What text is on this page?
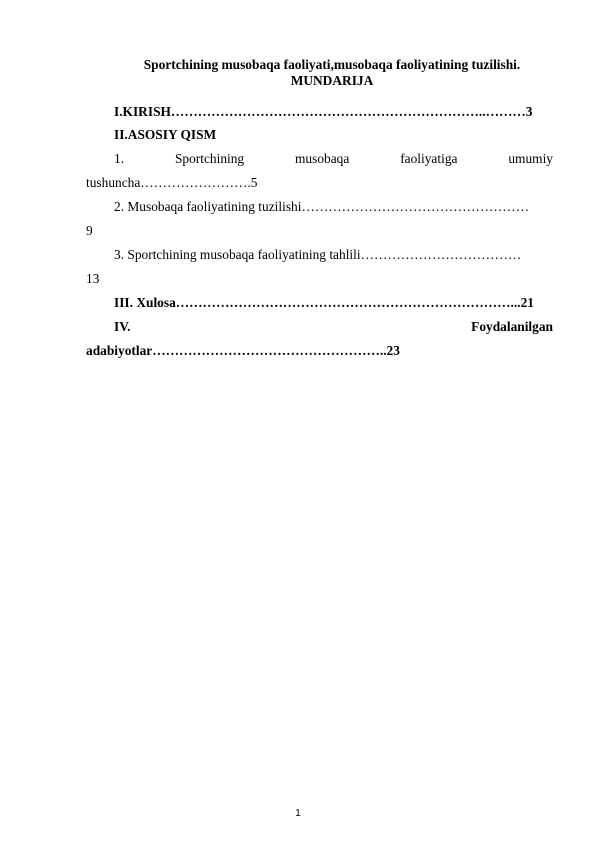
Sportchining musobaqa faoliyati,musobaqa faoliyatining tuzilishi.
MUNDARIJA
I.KIRISH……………………………………………………………..………3
II.ASOSIY QISM
1.	Sportchining	musobaqa	faoliyatiga	umumiy
tushuncha…………………….5
2. Musobaqa faoliyatining tuzilishi……………………………………………
9
3. Sportchining musobaqa faoliyatining tahlili………………………………
13
III. Xulosa…………………………………………………………………...21
IV.	Foydalanilgan
adabiyotlar……………………………………………..23
1
